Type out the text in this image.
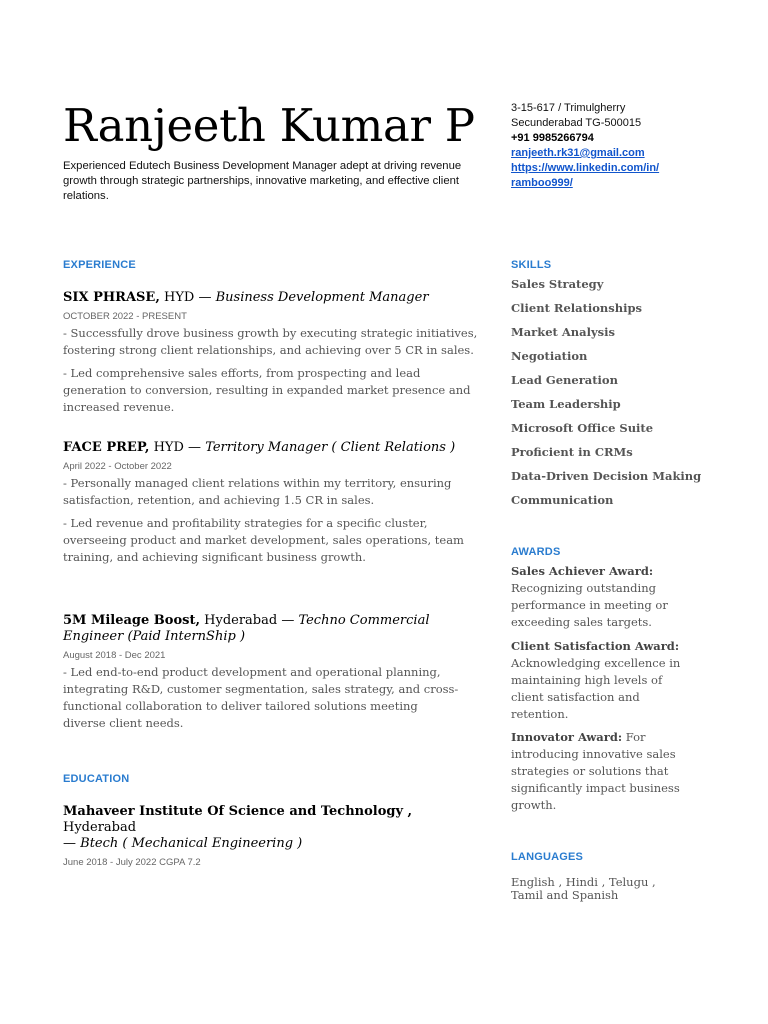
Ranjeeth Kumar P
Experienced Edutech Business Development Manager adept at driving revenue growth through strategic partnerships, innovative marketing, and effective client relations.
3-15-617 / Trimulgherry
Secunderabad TG-500015
+91 9985266794
ranjeeth.rk31@gmail.com
https://www.linkedin.com/in/
ramboo999/
EXPERIENCE
SIX PHRASE, HYD — Business Development Manager
OCTOBER 2022 - PRESENT
- Successfully drove business growth by executing strategic initiatives, fostering strong client relationships, and achieving over 5 CR in sales.
- Led comprehensive sales efforts, from prospecting and lead generation to conversion, resulting in expanded market presence and increased revenue.
FACE PREP, HYD — Territory Manager ( Client Relations )
April 2022 - October 2022
- Personally managed client relations within my territory, ensuring satisfaction, retention, and achieving 1.5 CR in sales.
- Led revenue and profitability strategies for a specific cluster, overseeing product and market development, sales operations, team training, and achieving significant business growth.
5M Mileage Boost, Hyderabad — Techno Commercial Engineer (Paid InternShip )
August 2018 - Dec 2021
- Led end-to-end product development and operational planning, integrating R&D, customer segmentation, sales strategy, and cross-functional collaboration to deliver tailored solutions meeting diverse client needs.
EDUCATION
Mahaveer Institute Of Science and Technology , Hyderabad
— Btech ( Mechanical Engineering )
June 2018 - July 2022 CGPA 7.2
SKILLS
Sales Strategy
Client Relationships
Market Analysis
Negotiation
Lead Generation
Team Leadership
Microsoft Office Suite
Proficient in CRMs
Data-Driven Decision Making
Communication
AWARDS
Sales Achiever Award: Recognizing outstanding performance in meeting or exceeding sales targets.
Client Satisfaction Award: Acknowledging excellence in maintaining high levels of client satisfaction and retention.
Innovator Award: For introducing innovative sales strategies or solutions that significantly impact business growth.
LANGUAGES
English , Hindi , Telugu , Tamil and Spanish
